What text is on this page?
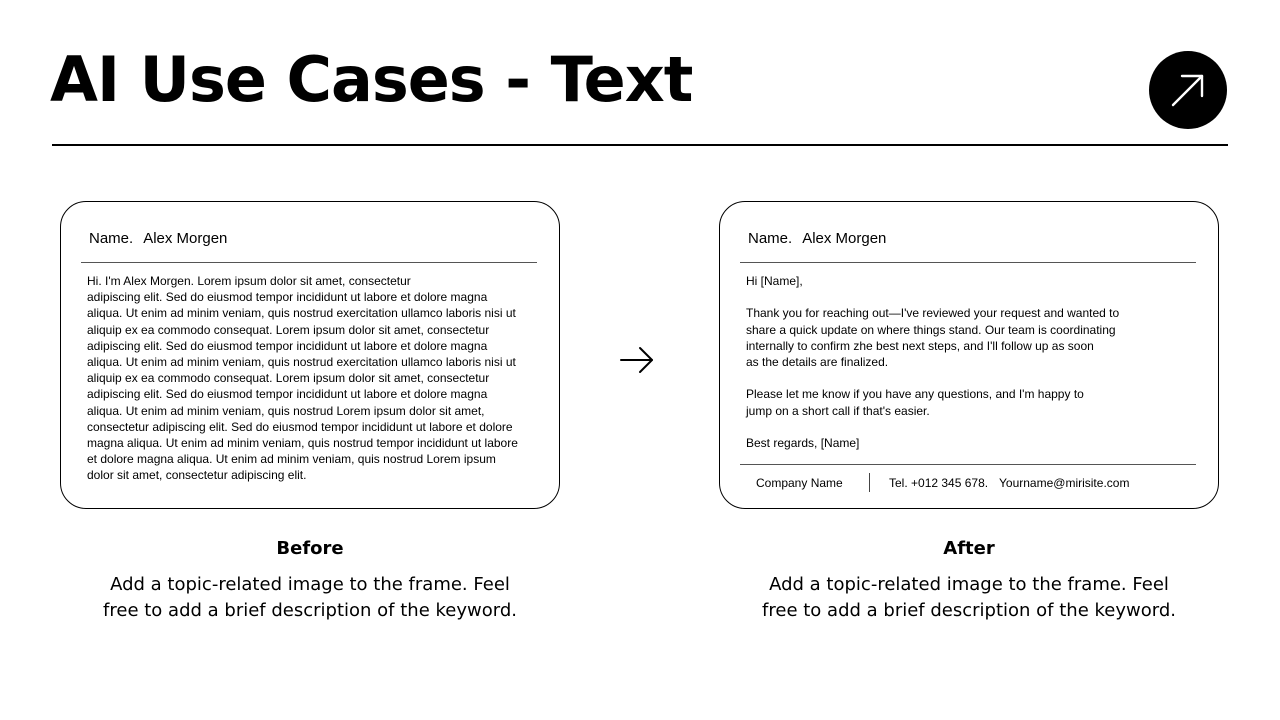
AI Use Cases - Text
Name. Alex Morgen
Hi. I'm Alex Morgen. Lorem ipsum dolor sit amet, consectetur
adipiscing elit. Sed do eiusmod tempor incididunt ut labore et dolore magna
aliqua. Ut enim ad minim veniam, quis nostrud exercitation ullamco laboris nisi ut
aliquip ex ea commodo consequat. Lorem ipsum dolor sit amet, consectetur
adipiscing elit. Sed do eiusmod tempor incididunt ut labore et dolore magna
aliqua. Ut enim ad minim veniam, quis nostrud exercitation ullamco laboris nisi ut
aliquip ex ea commodo consequat. Lorem ipsum dolor sit amet, consectetur
adipiscing elit. Sed do eiusmod tempor incididunt ut labore et dolore magna
aliqua. Ut enim ad minim veniam, quis nostrud Lorem ipsum dolor sit amet,
consectetur adipiscing elit. Sed do eiusmod tempor incididunt ut labore et dolore
magna aliqua. Ut enim ad minim veniam, quis nostrud tempor incididunt ut labore
et dolore magna aliqua. Ut enim ad minim veniam, quis nostrud Lorem ipsum
dolor sit amet, consectetur adipiscing elit.
Name. Alex Morgen
Hi [Name],

Thank you for reaching out—I've reviewed your request and wanted to
share a quick update on where things stand. Our team is coordinating
internally to confirm zhe best next steps, and I'll follow up as soon
as the details are finalized.

Please let me know if you have any questions, and I'm happy to
jump on a short call if that's easier.

Best regards, [Name]
Company Name	Tel. +012 345 678. Yourname@mirisite.com
Before
Add a topic-related image to the frame. Feel
free to add a brief description of the keyword.
After
Add a topic-related image to the frame. Feel
free to add a brief description of the keyword.
